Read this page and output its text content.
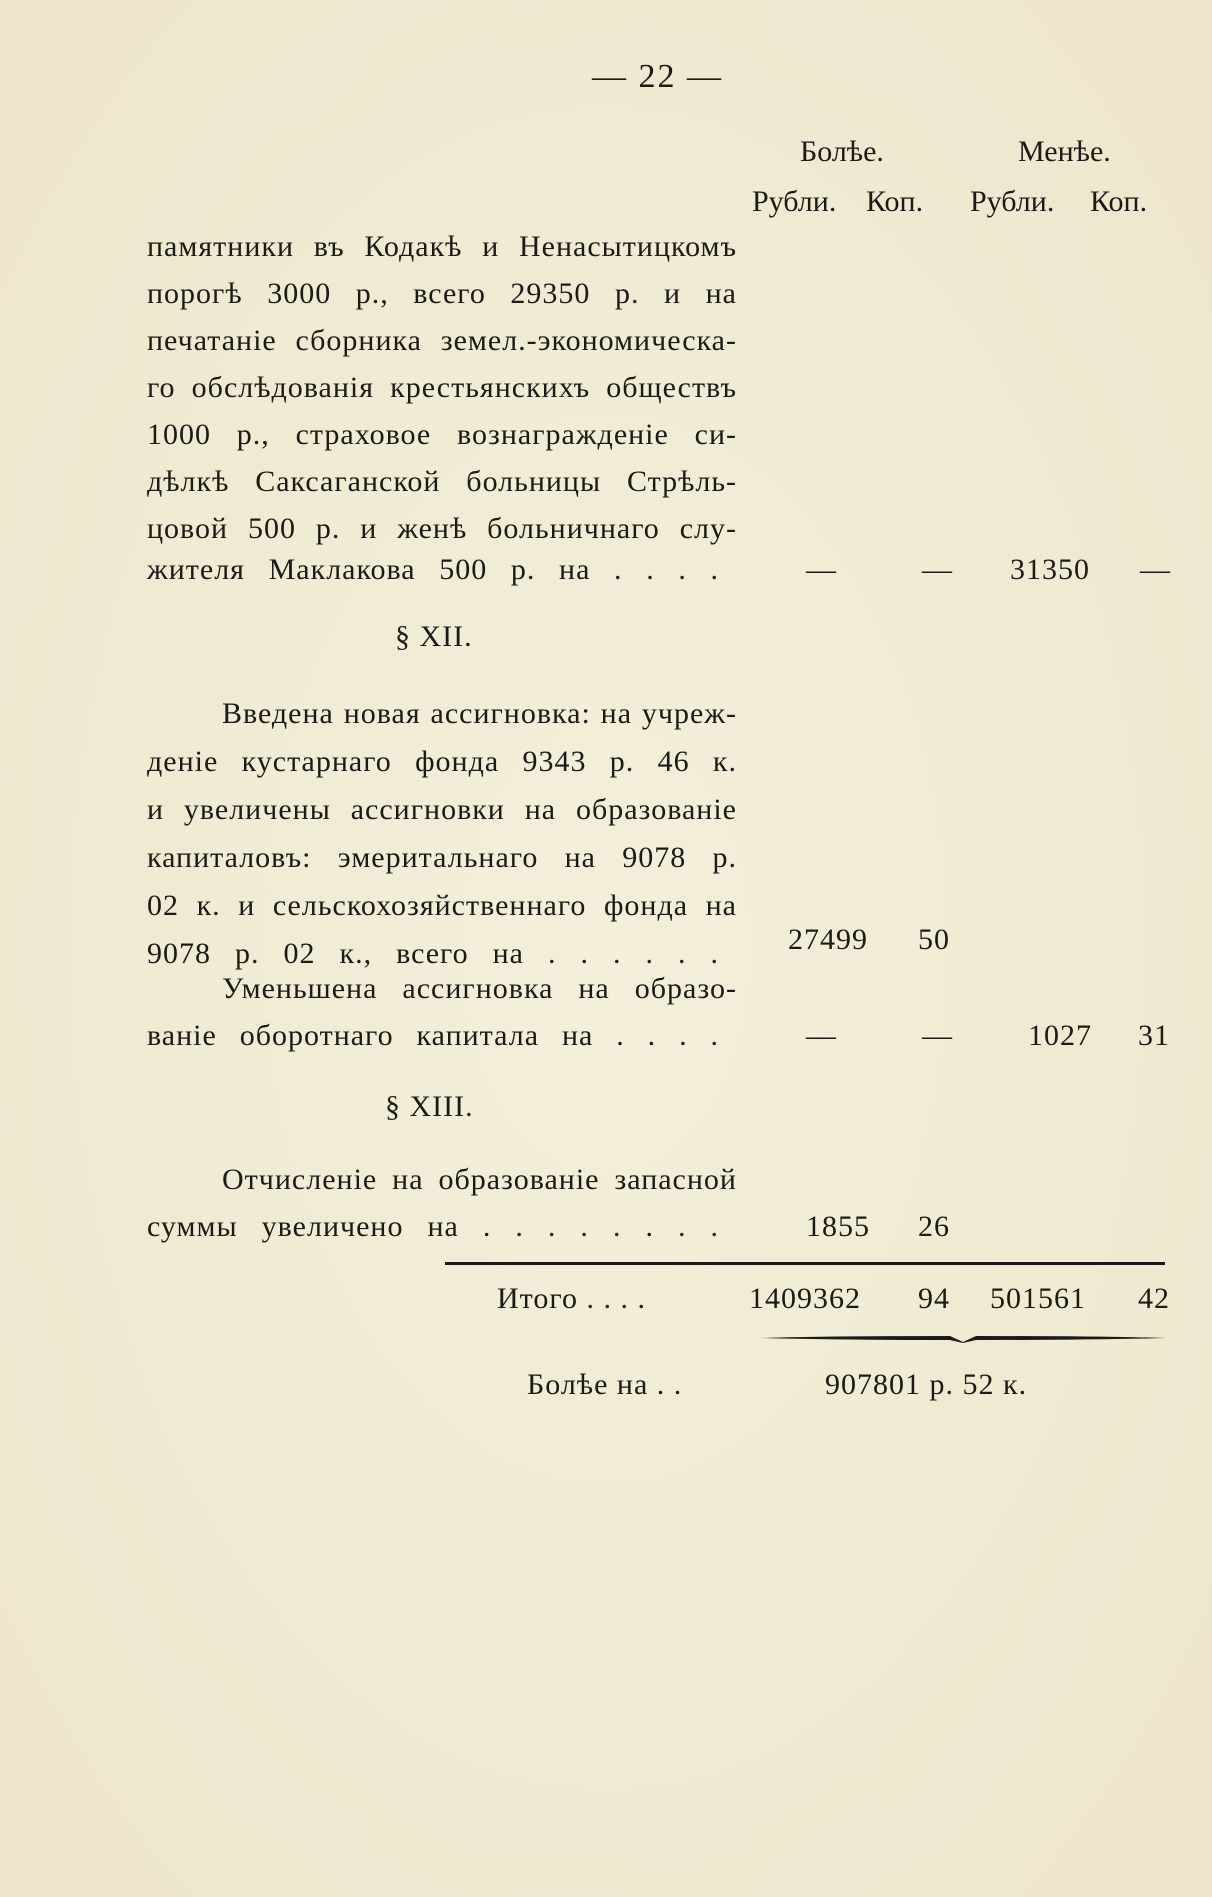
— 22 —
Болѣе.	Менѣе.
Рубли. Коп. Рубли. Коп.
памятники въ Кодакѣ и Ненасытицкомъ
порогѣ 3000 р., всего 29350 р. и на
печатаніе сборника земел.-экономическа-
го обслѣдованія крестьянскихъ обществъ
1000 р., страховое вознагражденіе си-
дѣлкѣ Саксаганской больницы Стрѣль-
цовой 500 р. и женѣ больничнаго слу-
жителя Маклакова 500 р. на . . . .	—	— 31350 —
§ XII.
Введена новая ассигновка: на учреж-
деніе кустарнаго фонда 9343 р. 46 к.
и увеличены ассигновки на образованіе
капиталовъ: эмеритальнаго на 9078 р.
02 к. и сельскохозяйственнаго фонда на
9078 р. 02 к., всего на . . . . . . 27499 50
Уменьшена ассигновка на образо-
ваніе оборотнаго капитала на . . . .	—	—	1027 31
§ XIII.
Отчисленіе на образованіе запасной
суммы увеличено на . . . . . . . .	1855 26
Итого . . . .	1409362 94 501561 42
Болѣе на . .	907801 р. 52 к.
